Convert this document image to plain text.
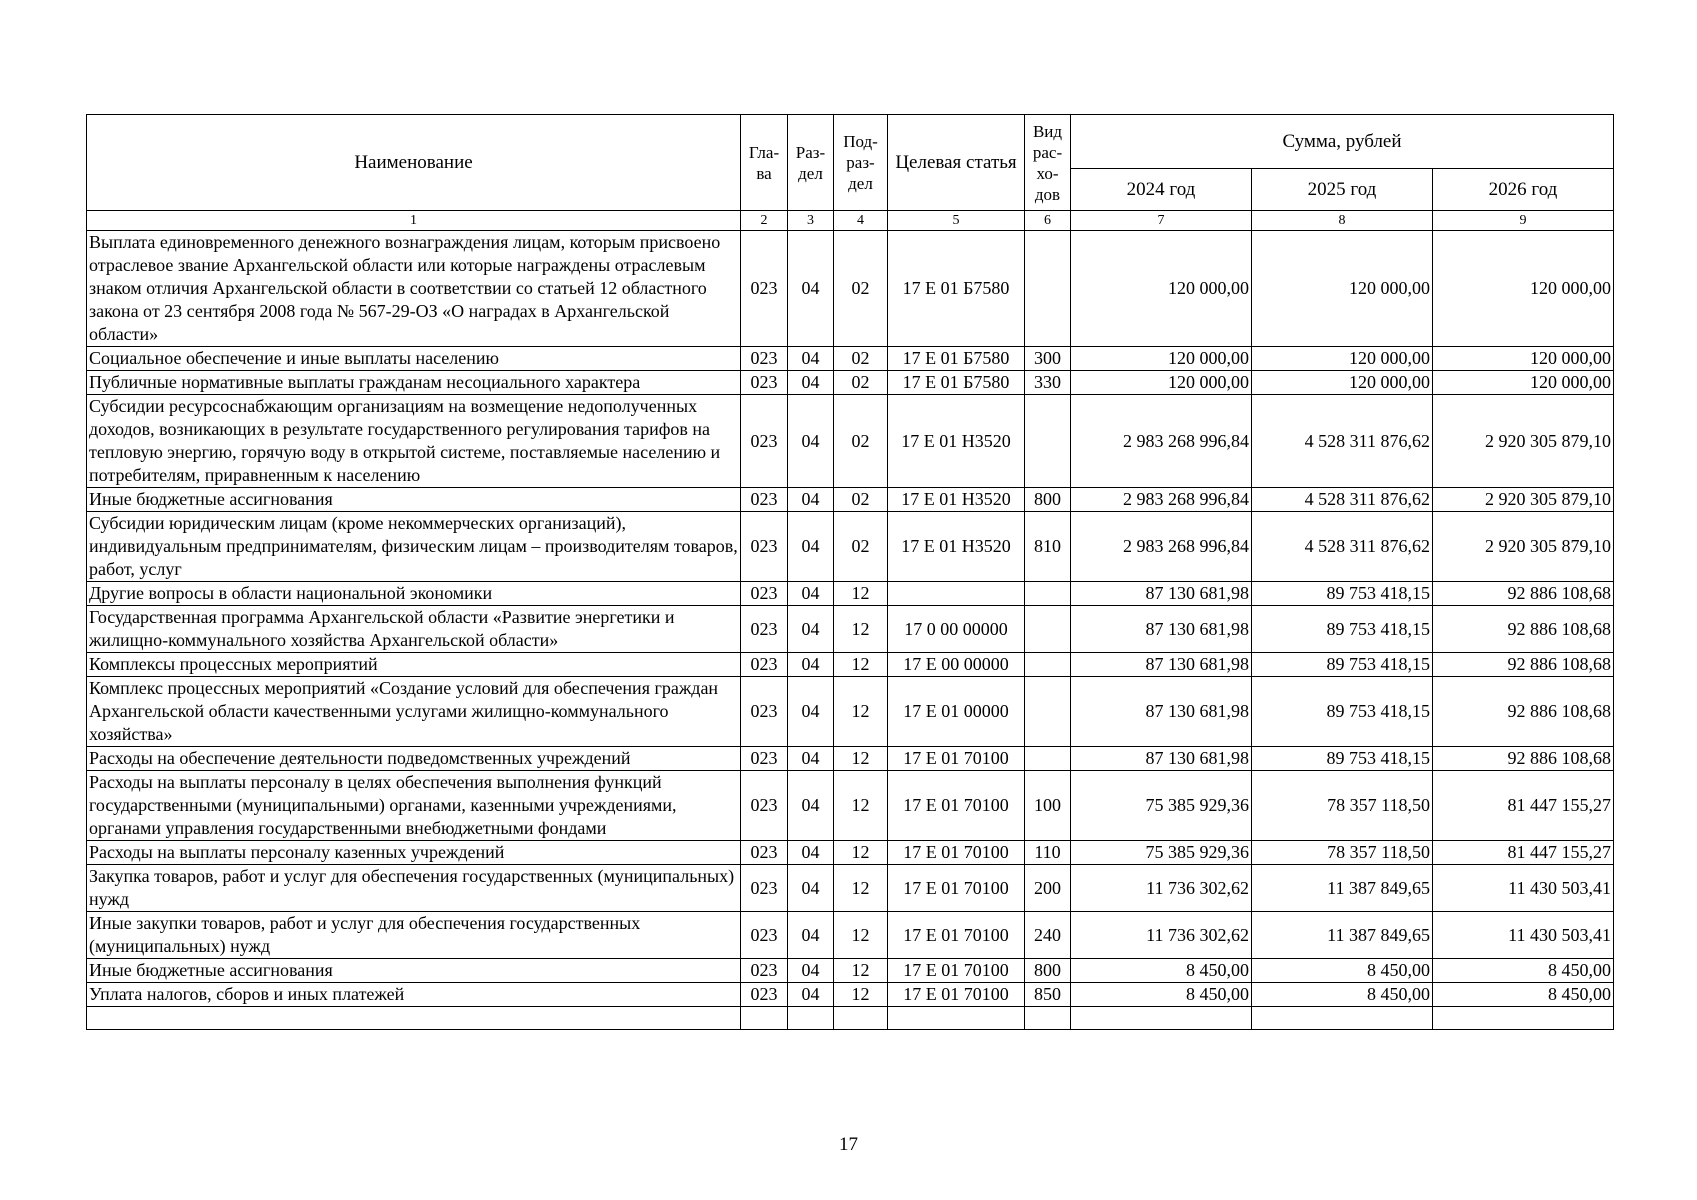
Наименование	Гла-ва	Раз-дел	Под-раз-дел	Целевая статья	Вид рас-хо-дов	Сумма, рублей		
						2024 год	2025 год	2026 год
1	2	3	4	5	6	7	8	9
Выплата единовременного денежного вознаграждения лицам, которым присвоено отраслевое звание Архангельской области или которые награждены отраслевым знаком отличия Архангельской области в соответствии со статьей 12 областного закона от 23 сентября 2008 года № 567-29-ОЗ «О наградах в Архангельской области»	023	04	02	17 Е 01 Б7580		120 000,00	120 000,00	120 000,00
Социальное обеспечение и иные выплаты населению	023	04	02	17 Е 01 Б7580	300	120 000,00	120 000,00	120 000,00
Публичные нормативные выплаты гражданам несоциального характера	023	04	02	17 Е 01 Б7580	330	120 000,00	120 000,00	120 000,00
Субсидии ресурсоснабжающим организациям на возмещение недополученных доходов, возникающих в результате государственного регулирования тарифов на тепловую энергию, горячую воду в открытой системе, поставляемые населению и потребителям, приравненным к населению	023	04	02	17 Е 01 Н3520		2 983 268 996,84	4 528 311 876,62	2 920 305 879,10
Иные бюджетные ассигнования	023	04	02	17 Е 01 Н3520	800	2 983 268 996,84	4 528 311 876,62	2 920 305 879,10
Субсидии юридическим лицам (кроме некоммерческих организаций), индивидуальным предпринимателям, физическим лицам – производителям товаров, работ, услуг	023	04	02	17 Е 01 Н3520	810	2 983 268 996,84	4 528 311 876,62	2 920 305 879,10
Другие вопросы в области национальной экономики	023	04	12			87 130 681,98	89 753 418,15	92 886 108,68
Государственная программа Архангельской области «Развитие энергетики и жилищно-коммунального хозяйства Архангельской области»	023	04	12	17 0 00 00000		87 130 681,98	89 753 418,15	92 886 108,68
Комплексы процессных мероприятий	023	04	12	17 Е 00 00000		87 130 681,98	89 753 418,15	92 886 108,68
Комплекс процессных мероприятий «Создание условий для обеспечения граждан Архангельской области качественными услугами жилищно-коммунального хозяйства»	023	04	12	17 Е 01 00000		87 130 681,98	89 753 418,15	92 886 108,68
Расходы на обеспечение деятельности подведомственных учреждений	023	04	12	17 Е 01 70100		87 130 681,98	89 753 418,15	92 886 108,68
Расходы на выплаты персоналу в целях обеспечения выполнения функций государственными (муниципальными) органами, казенными учреждениями, органами управления государственными внебюджетными фондами	023	04	12	17 Е 01 70100	100	75 385 929,36	78 357 118,50	81 447 155,27
Расходы на выплаты персоналу казенных учреждений	023	04	12	17 Е 01 70100	110	75 385 929,36	78 357 118,50	81 447 155,27
Закупка товаров, работ и услуг для обеспечения государственных (муниципальных) нужд	023	04	12	17 Е 01 70100	200	11 736 302,62	11 387 849,65	11 430 503,41
Иные закупки товаров, работ и услуг для обеспечения государственных (муниципальных) нужд	023	04	12	17 Е 01 70100	240	11 736 302,62	11 387 849,65	11 430 503,41
Иные бюджетные ассигнования	023	04	12	17 Е 01 70100	800	8 450,00	8 450,00	8 450,00
Уплата налогов, сборов и иных платежей	023	04	12	17 Е 01 70100	850	8 450,00	8 450,00	8 450,00

17
